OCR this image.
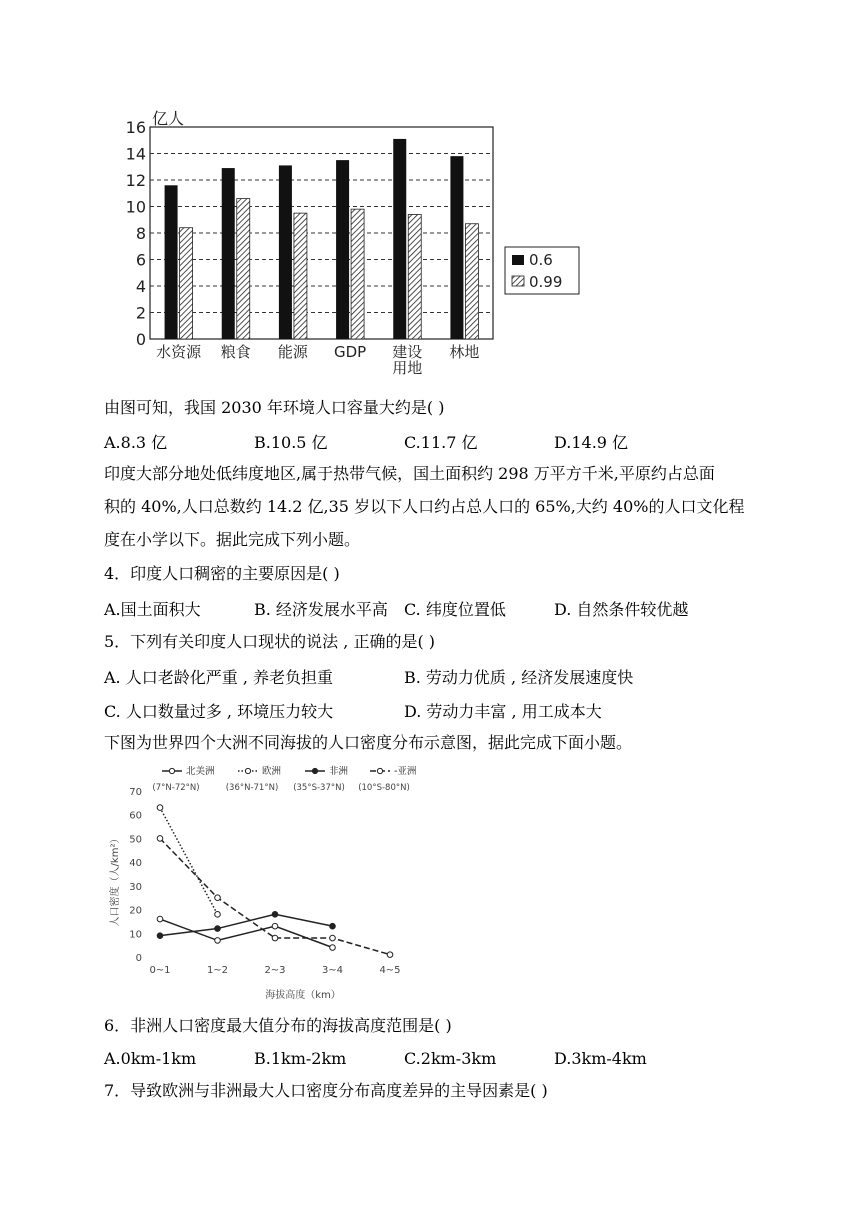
0
2
4
6
8
10
12
14
16 亿人
水资源 粮食 能源 GDP 建设
用地
林地
0.6
0.99
由图可知，我国 2030 年环境人口容量大约是( )
A.8.3 亿	B.10.5 亿	C.11.7 亿	D.14.9 亿
印度大部分地处低纬度地区,属于热带气候，国土面积约 298 万平方千米,平原约占总面
积的 40%,人口总数约 14.2 亿,35 岁以下人口约占总人口的 65%,大约 40%的人口文化程
度在小学以下。据此完成下列小题。
4．印度人口稠密的主要原因是( )
A.国土面积大	B. 经济发展水平高 C. 纬度位置低	D. 自然条件较优越
5．下列有关印度人口现状的说法 , 正确的是( )
A. 人口老龄化严重 , 养老负担重	B. 劳动力优质 , 经济发展速度快
C. 人口数量过多 , 环境压力较大	D. 劳动力丰富 , 用工成本大
下图为世界四个大洲不同海拔的人口密度分布示意图，据此完成下面小题。
0
10
20
30
40
50
60
70
0~1	1~2	2~3	3~4	4~5
海拔高度（km）
人口密度（人/km²）
北美洲
(7°N-72°N)
欧洲
(36°N-71°N)
非洲
(35°S-37°N)
-亚洲
(10°S-80°N)
6．非洲人口密度最大值分布的海拔高度范围是( )
A.0km-1km	B.1km-2km	C.2km-3km	D.3km-4km
7．导致欧洲与非洲最大人口密度分布高度差异的主导因素是( )
